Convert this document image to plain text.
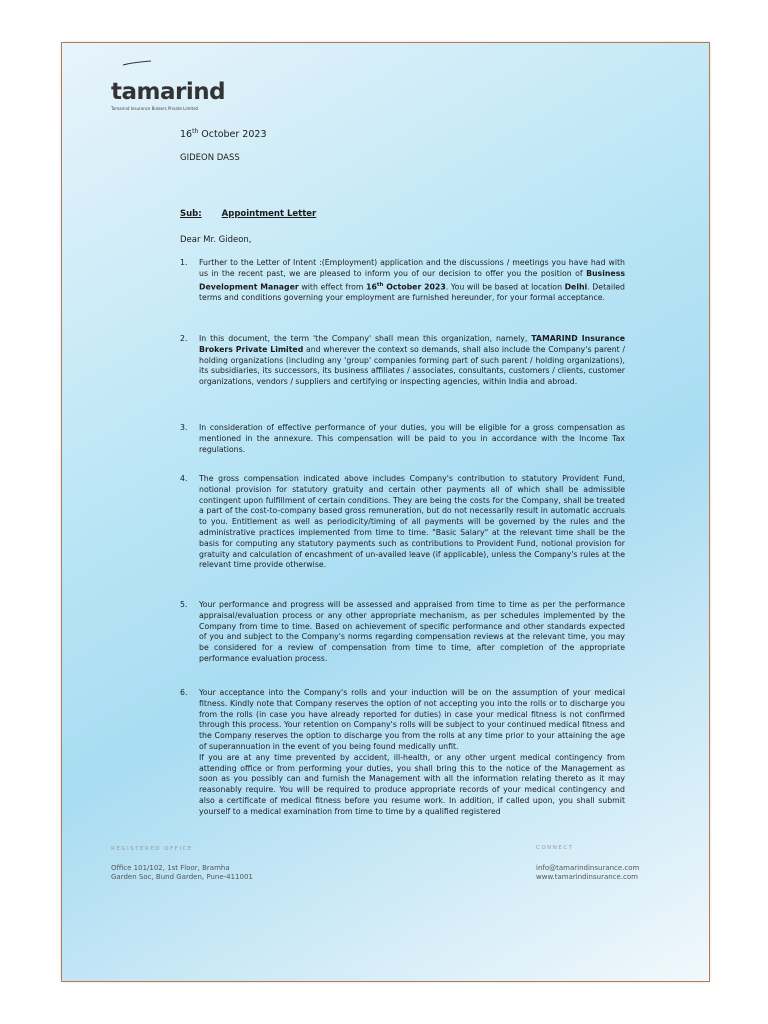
tamarind
Tamarind Insurance Brokers Private Limited
16th October 2023
GIDEON DASS
Sub: Appointment Letter
Dear Mr. Gideon,
1. Further to the Letter of Intent :(Employment) application and the discussions / meetings you have had with us in the recent past, we are pleased to inform you of our decision to offer you the position of Business Development Manager with effect from 16th October 2023. You will be based at location Delhi. Detailed terms and conditions governing your employment are furnished hereunder, for your formal acceptance.
2. In this document, the term 'the Company' shall mean this organization, namely, TAMARIND Insurance Brokers Private Limited and wherever the context so demands, shall also include the Company's parent / holding organizations (including any 'group' companies forming part of such parent / holding organizations), its subsidiaries, its successors, its business affiliates / associates, consultants, customers / clients, customer organizations, vendors / suppliers and certifying or inspecting agencies, within India and abroad.
3. In consideration of effective performance of your duties, you will be eligible for a gross compensation as mentioned in the annexure. This compensation will be paid to you in accordance with the Income Tax regulations.
4. The gross compensation indicated above includes Company's contribution to statutory Provident Fund, notional provision for statutory gratuity and certain other payments all of which shall be admissible contingent upon fulfillment of certain conditions. They are being the costs for the Company, shall be treated a part of the cost-to-company based gross remuneration, but do not necessarily result in automatic accruals to you. Entitlement as well as periodicity/timing of all payments will be governed by the rules and the administrative practices implemented from time to time. "Basic Salary" at the relevant time shall be the basis for computing any statutory payments such as contributions to Provident Fund, notional provision for gratuity and calculation of encashment of un-availed leave (if applicable), unless the Company's rules at the relevant time provide otherwise.
5. Your performance and progress will be assessed and appraised from time to time as per the performance appraisal/evaluation process or any other appropriate mechanism, as per schedules implemented by the Company from time to time. Based on achievement of specific performance and other standards expected of you and subject to the Company's norms regarding compensation reviews at the relevant time, you may be considered for a review of compensation from time to time, after completion of the appropriate performance evaluation process.
6. Your acceptance into the Company's rolls and your induction will be on the assumption of your medical fitness. Kindly note that Company reserves the option of not accepting you into the rolls or to discharge you from the rolls (in case you have already reported for duties) in case your medical fitness is not confirmed through this process. Your retention on Company's rolls will be subject to your continued medical fitness and the Company reserves the option to discharge you from the rolls at any time prior to your attaining the age of superannuation in the event of you being found medically unfit.
If you are at any time prevented by accident, ill-health, or any other urgent medical contingency from attending office or from performing your duties, you shall bring this to the notice of the Management as soon as you possibly can and furnish the Management with all the information relating thereto as it may reasonably require. You will be required to produce appropriate records of your medical contingency and also a certificate of medical fitness before you resume work. In addition, if called upon, you shall submit yourself to a medical examination from time to time by a qualified registered
REGISTERED OFFICE
Office 101/102, 1st Floor, Bramha
Garden Soc, Bund Garden, Pune-411001
CONNECT
info@tamarindinsurance.com
www.tamarindinsurance.com
